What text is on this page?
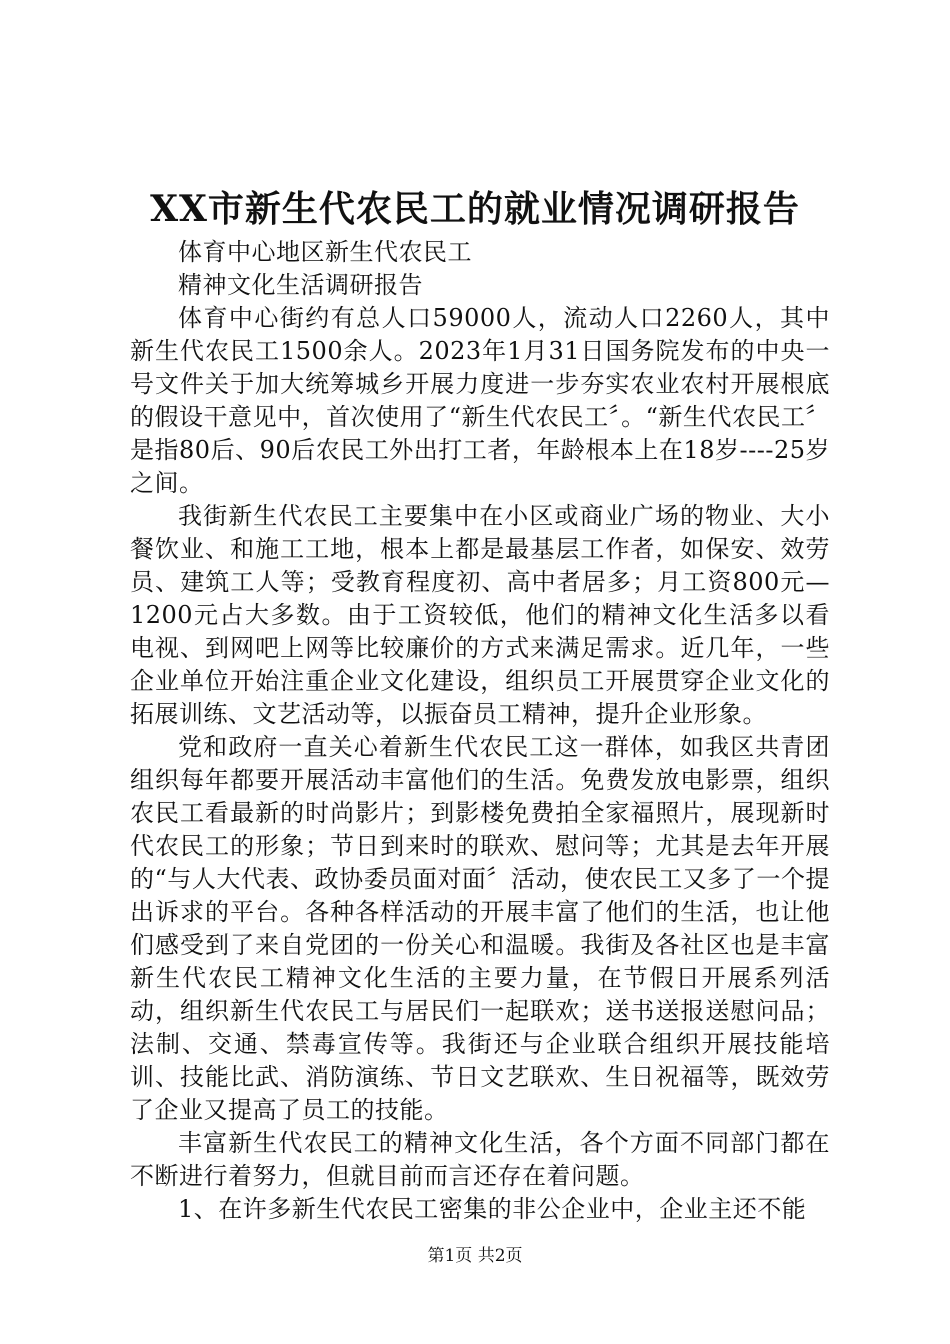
XX市新生代农民工的就业情况调研报告

体育中心地区新生代农民工

精神文化生活调研报告

体育中心街约有总人口59000人，流动人口2260人，其中新生代农民工1500余人。2023年1月31日国务院发布的中央一号文件关于加大统筹城乡开展力度进一步夯实农业农村开展根底的假设干意见中，首次使用了“新生代农民工〞。“新生代农民工〞是指80后、90后农民工外出打工者，年龄根本上在18岁----25岁之间。

我街新生代农民工主要集中在小区或商业广场的物业、大小餐饮业、和施工工地，根本上都是最基层工作者，如保安、效劳员、建筑工人等；受教育程度初、高中者居多；月工资800元—1200元占大多数。由于工资较低，他们的精神文化生活多以看电视、到网吧上网等比较廉价的方式来满足需求。近几年，一些企业单位开始注重企业文化建设，组织员工开展贯穿企业文化的拓展训练、文艺活动等，以振奋员工精神，提升企业形象。

党和政府一直关心着新生代农民工这一群体，如我区共青团组织每年都要开展活动丰富他们的生活。免费发放电影票，组织农民工看最新的时尚影片；到影楼免费拍全家福照片，展现新时代农民工的形象；节日到来时的联欢、慰问等；尤其是去年开展的“与人大代表、政协委员面对面〞活动，使农民工又多了一个提出诉求的平台。各种各样活动的开展丰富了他们的生活，也让他们感受到了来自党团的一份关心和温暖。我街及各社区也是丰富新生代农民工精神文化生活的主要力量，在节假日开展系列活动，组织新生代农民工与居民们一起联欢；送书送报送慰问品；法制、交通、禁毒宣传等。我街还与企业联合组织开展技能培训、技能比武、消防演练、节日文艺联欢、生日祝福等，既效劳了企业又提高了员工的技能。

丰富新生代农民工的精神文化生活，各个方面不同部门都在不断进行着努力，但就目前而言还存在着问题。

1、在许多新生代农民工密集的非公企业中，企业主还不能

第1页 共2页
